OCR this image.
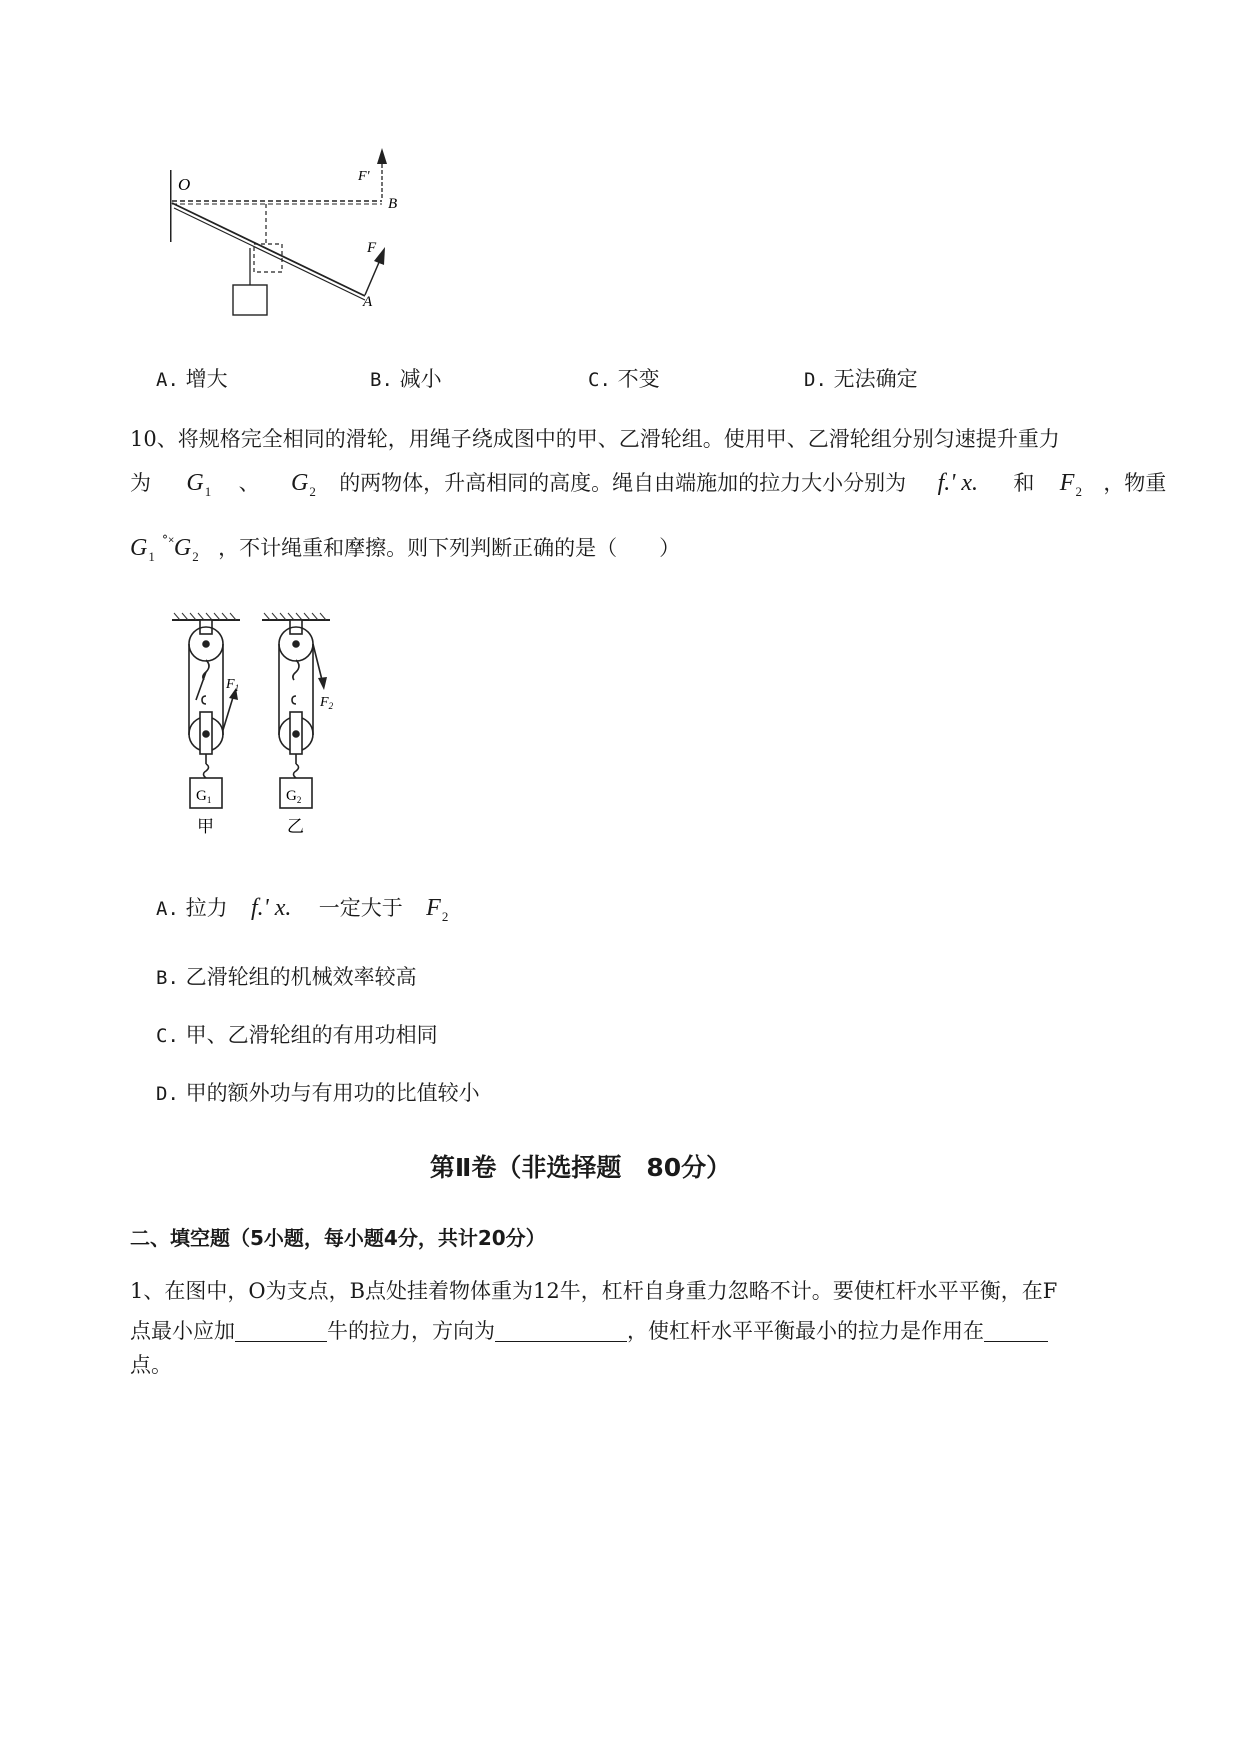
O
B
A
F
F'
A. 增大	B. 减小	C. 不变	D. 无法确定
10、将规格完全相同的滑轮，用绳子绕成图中的甲、乙滑轮组。使用甲、乙滑轮组分别匀速提升重力
为 $G_1$ 、 $G_2$ 的两物体，升高相同的高度。绳自由端施加的拉力大小分别为 f.' x. 和 $F_2$ ，物重
$G_1$ $^{˚˟}G_2$ ，不计绳重和摩擦。则下列判断正确的是（　　）
$G_1$	$G_2$
$F_1$
$F_2$
甲	乙
A. 拉力 f.' x. 一定大于 $F_2$
B. 乙滑轮组的机械效率较高
C. 甲、乙滑轮组的有用功相同
D. 甲的额外功与有用功的比值较小
第Ⅱ卷（非选择题　80分）
二、填空题（5小题，每小题4分，共计20分）
1、在图中，O为支点，B点处挂着物体重为12牛，杠杆自身重力忽略不计。要使杠杆水平平衡，在F
点最小应加	牛的拉力，方向为	，使杠杆水平平衡最小的拉力是作用在
点。
